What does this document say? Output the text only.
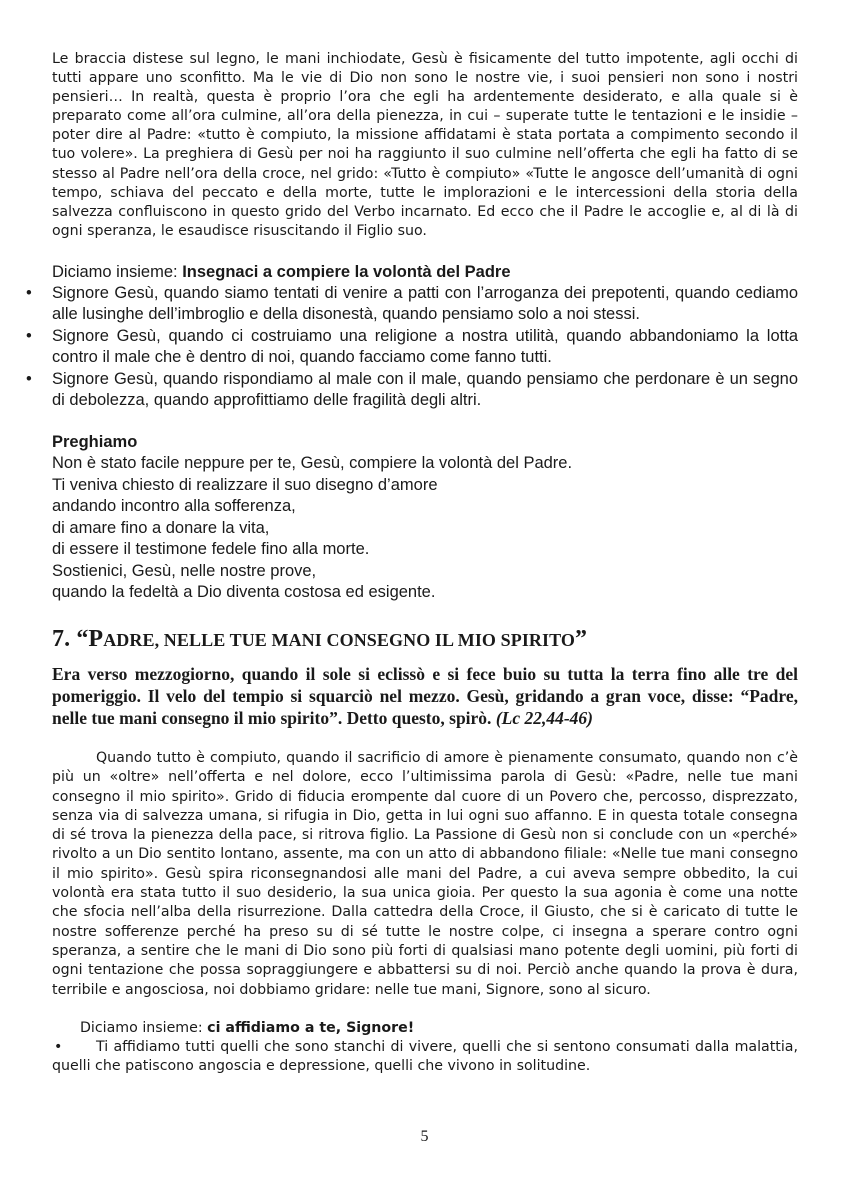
Le braccia distese sul legno, le mani inchiodate, Gesù è fisicamente del tutto impotente, agli occhi di tutti appare uno sconfitto. Ma le vie di Dio non sono le nostre vie, i suoi pensieri non sono i nostri pensieri… In realtà, questa è proprio l’ora che egli ha ardentemente desiderato, e alla quale si è preparato come all’ora culmine, all’ora della pienezza, in cui – superate tutte le tentazioni e le insidie – poter dire al Padre: «tutto è compiuto, la missione affidatami è stata portata a compimento secondo il tuo volere». La preghiera di Gesù per noi ha raggiunto il suo culmine nell’offerta che egli ha fatto di se stesso al Padre nell’ora della croce, nel grido: «Tutto è compiuto» «Tutte le angosce dell’umanità di ogni tempo, schiava del peccato e della morte, tutte le implorazioni e le intercessioni della storia della salvezza confluiscono in questo grido del Verbo incarnato. Ed ecco che il Padre le accoglie e, al di là di ogni speranza, le esaudisce risuscitando il Figlio suo.

Diciamo insieme: Insegnaci a compiere la volontà del Padre

• Signore Gesù, quando siamo tentati di venire a patti con l’arroganza dei prepotenti, quando cediamo alle lusinghe dell’imbroglio e della disonestà, quando pensiamo solo a noi stessi.
• Signore Gesù, quando ci costruiamo una religione a nostra utilità, quando abbandoniamo la lotta contro il male che è dentro di noi, quando facciamo come fanno tutti.
• Signore Gesù, quando rispondiamo al male con il male, quando pensiamo che perdonare è un segno di debolezza, quando approfittiamo delle fragilità degli altri.
Preghiamo
Non è stato facile neppure per te, Gesù, compiere la volontà del Padre.
Ti veniva chiesto di realizzare il suo disegno d’amore
andando incontro alla sofferenza,
di amare fino a donare la vita,
di essere il testimone fedele fino alla morte.
Sostienici, Gesù, nelle nostre prove,
quando la fedeltà a Dio diventa costosa ed esigente.
7. “PADRE, NELLE TUE MANI CONSEGNO IL MIO SPIRITO”

Era verso mezzogiorno, quando il sole si eclissò e si fece buio su tutta la terra fino alle tre del pomeriggio. Il velo del tempio si squarciò nel mezzo. Gesù, gridando a gran voce, disse: “Padre, nelle tue mani consegno il mio spirito”. Detto questo, spirò. (Lc 22,44-46)

Quando tutto è compiuto, quando il sacrificio di amore è pienamente consumato, quando non c’è più un «oltre» nell’offerta e nel dolore, ecco l’ultimissima parola di Gesù: «Padre, nelle tue mani consegno il mio spirito». Grido di fiducia erompente dal cuore di un Povero che, percosso, disprezzato, senza via di salvezza umana, si rifugia in Dio, getta in lui ogni suo affanno. E in questa totale consegna di sé trova la pienezza della pace, si ritrova figlio. La Passione di Gesù non si conclude con un «perché» rivolto a un Dio sentito lontano, assente, ma con un atto di abbandono filiale: «Nelle tue mani consegno il mio spirito». Gesù spira riconsegnandosi alle mani del Padre, a cui aveva sempre obbedito, la cui volontà era stata tutto il suo desiderio, la sua unica gioia. Per questo la sua agonia è come una notte che sfocia nell’alba della risurrezione. Dalla cattedra della Croce, il Giusto, che si è caricato di tutte le nostre sofferenze perché ha preso su di sé tutte le nostre colpe, ci insegna a sperare contro ogni speranza, a sentire che le mani di Dio sono più forti di qualsiasi mano potente degli uomini, più forti di ogni tentazione che possa sopraggiungere e abbattersi su di noi. Perciò anche quando la prova è dura, terribile e angosciosa, noi dobbiamo gridare: nelle tue mani, Signore, sono al sicuro.

Diciamo insieme: ci affidiamo a te, Signore!

• Ti affidiamo tutti quelli che sono stanchi di vivere, quelli che si sentono consumati dalla malattia, quelli che patiscono angoscia e depressione, quelli che vivono in solitudine.

5
